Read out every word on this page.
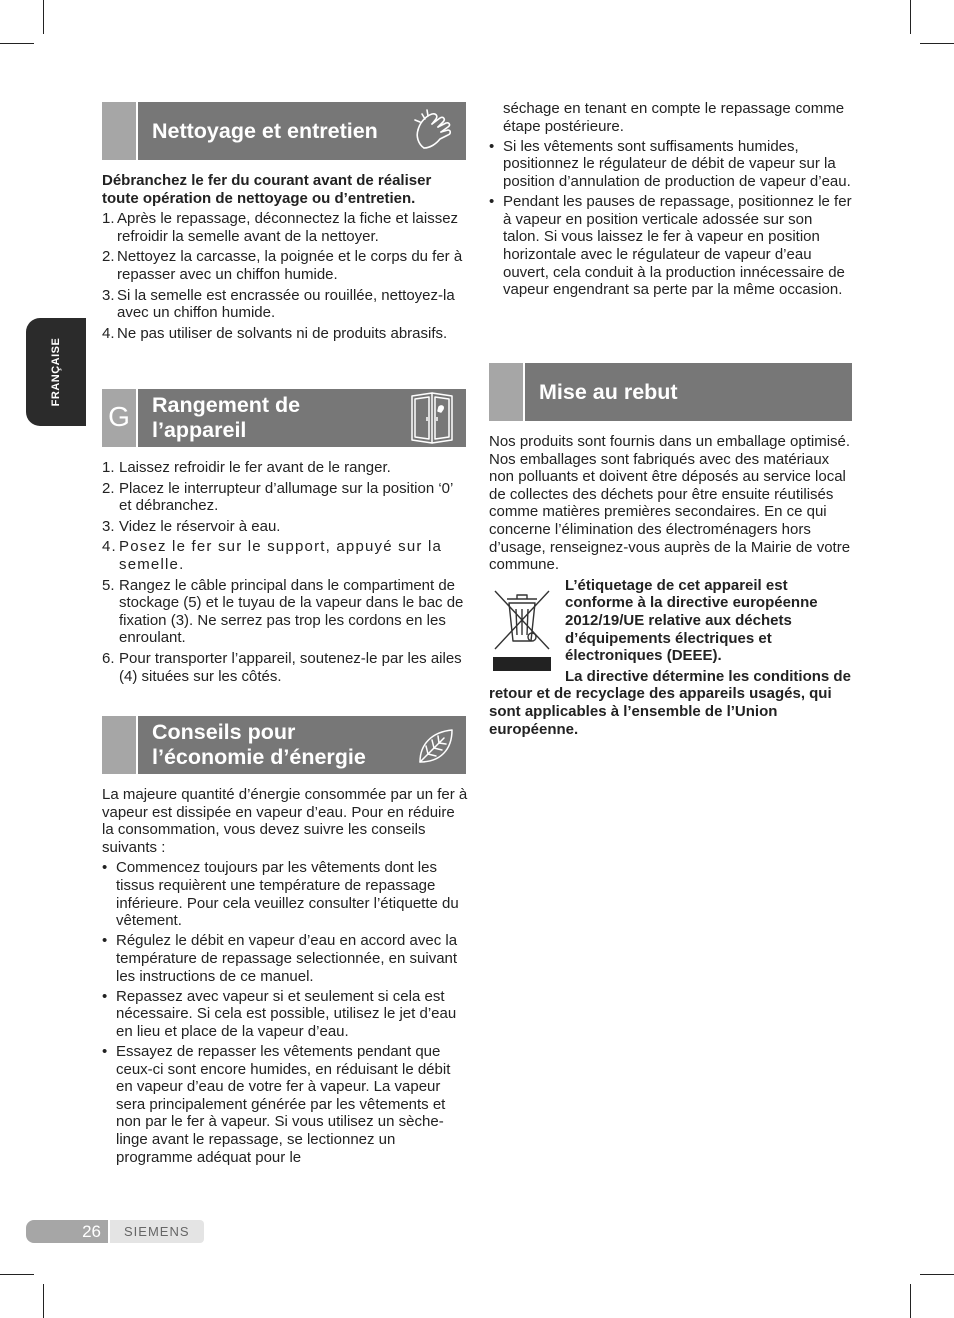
FRANÇAISE
Nettoyage et entretien

Débranchez le fer du courant avant de réaliser toute opération de nettoyage ou d’entretien.

1. Après le repassage, déconnectez la fiche et laissez refroidir la semelle avant de la nettoyer.
2. Nettoyez la carcasse, la poignée et le corps du fer à repasser avec un chiffon humide.
3. Si la semelle est encrassée ou rouillée, nettoyez-la avec un chiffon humide.
4. Ne pas utiliser de solvants ni de produits abrasifs.
G Rangement de
l’appareil
1. Laissez refroidir le fer avant de le ranger.
2. Placez le interrupteur d’allumage sur la position ‘0’ et débranchez.
3. Videz le réservoir à eau.
4. Posez le fer sur le support, appuyé sur la semelle.
5. Rangez le câble principal dans le compartiment de stockage (5) et le tuyau de la vapeur dans le bac de fixation (3). Ne serrez pas trop les cordons en les enroulant.
6. Pour transporter l’appareil, soutenez-le par les ailes (4) situées sur les côtés.
Conseils pour
l’économie d’énergie

La majeure quantité d’énergie consommée par un fer à vapeur est dissipée en vapeur d’eau. Pour en réduire la consommation, vous devez suivre les conseils suivants :

• Commencez toujours par les vêtements dont les tissus requièrent une température de repassage inférieure. Pour cela veuillez consulter l’étiquette du vêtement.
• Régulez le débit en vapeur d’eau en accord avec la température de repassage selectionnée, en suivant les instructions de ce manuel.
• Repassez avec vapeur si et seulement si cela est nécessaire. Si cela est possible, utilisez le jet d’eau en lieu et place de la vapeur d’eau.
• Essayez de repasser les vêtements pendant que ceux-ci sont encore humides, en réduisant le débit en vapeur d’eau de votre fer à vapeur. La vapeur sera principalement générée par les vêtements et non par le fer à vapeur. Si vous utilisez un sèche-linge avant le repassage, se lectionnez un programme adéquat pour le
séchage en tenant en compte le repassage comme étape postérieure.
• Si les vêtements sont suffisaments humides, positionnez le régulateur de débit de vapeur sur la position d’annulation de production de vapeur d’eau.
• Pendant les pauses de repassage, positionnez le fer à vapeur en position verticale adossée sur son talon. Si vous laissez le fer à vapeur en position horizontale avec le régulateur de vapeur d’eau ouvert, cela conduit à la production innécessaire de vapeur engendrant sa perte par la même occasion.
Mise au rebut

Nos produits sont fournis dans un emballage optimisé. Nos emballages sont fabriqués avec des matériaux non polluants et doivent être déposés au service local de collectes des déchets pour être ensuite réutilisés comme matières premières secondaires. En ce qui concerne l’élimination des électroménagers hors d’usage, renseignez-vous auprès de la Mairie de votre commune.

L’étiquetage de cet appareil est conforme à la directive européenne 2012/19/UE relative aux déchets d’équipements électriques et électroniques (DEEE).

La directive détermine les conditions de retour et de recyclage des appareils usagés, qui sont applicables à l’ensemble de l’Union européenne.

26 SIEMENS
